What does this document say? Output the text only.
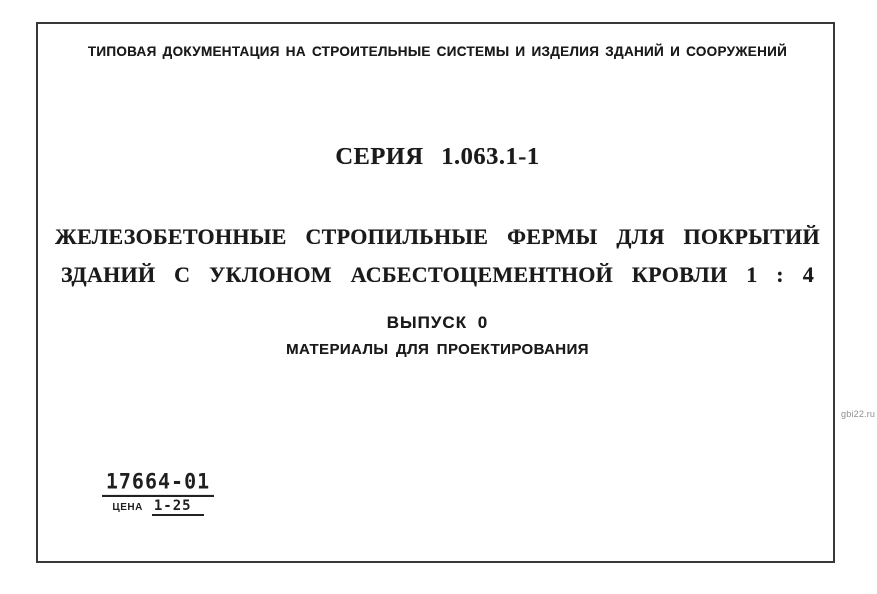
ТИПОВАЯ ДОКУМЕНТАЦИЯ НА СТРОИТЕЛЬНЫЕ СИСТЕМЫ И ИЗДЕЛИЯ ЗДАНИЙ И СООРУЖЕНИЙ
СЕРИЯ 1.063.1-1
ЖЕЛЕЗОБЕТОННЫЕ СТРОПИЛЬНЫЕ ФЕРМЫ ДЛЯ ПОКРЫТИЙ
ЗДАНИЙ С УКЛОНОМ АСБЕСТОЦЕМЕНТНОЙ КРОВЛИ 1 : 4
ВЫПУСК 0
МАТЕРИАЛЫ ДЛЯ ПРОЕКТИРОВАНИЯ
17664-01
ЦЕНА 1-25
gbi22.ru
